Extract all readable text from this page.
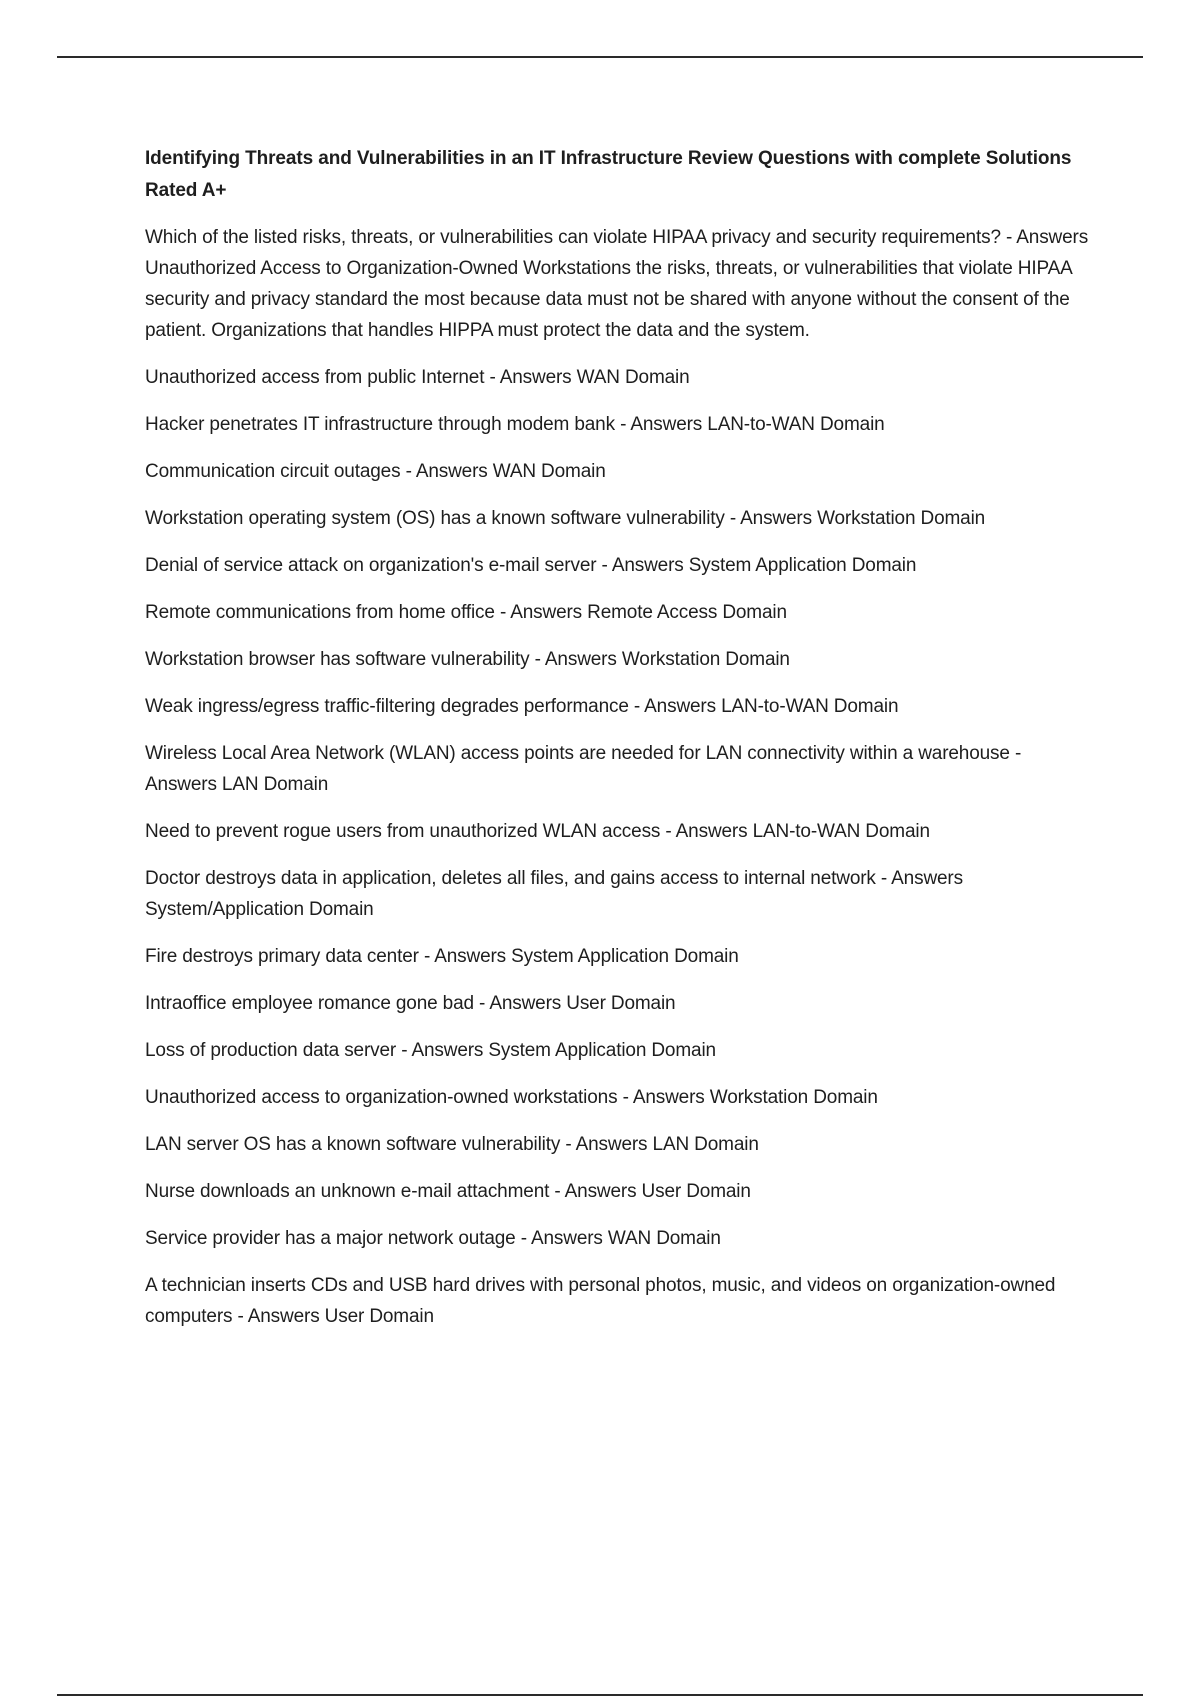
Identifying Threats and Vulnerabilities in an IT Infrastructure Review Questions with complete Solutions Rated A+

Which of the listed risks, threats, or vulnerabilities can violate HIPAA privacy and security requirements? - Answers Unauthorized Access to Organization-Owned Workstations the risks, threats, or vulnerabilities that violate HIPAA security and privacy standard the most because data must not be shared with anyone without the consent of the patient. Organizations that handles HIPPA must protect the data and the system.

Unauthorized access from public Internet - Answers WAN Domain

Hacker penetrates IT infrastructure through modem bank - Answers LAN-to-WAN Domain

Communication circuit outages - Answers WAN Domain

Workstation operating system (OS) has a known software vulnerability - Answers Workstation Domain

Denial of service attack on organization's e-mail server - Answers System Application Domain

Remote communications from home office - Answers Remote Access Domain

Workstation browser has software vulnerability - Answers Workstation Domain

Weak ingress/egress traffic-filtering degrades performance - Answers LAN-to-WAN Domain

Wireless Local Area Network (WLAN) access points are needed for LAN connectivity within a warehouse - Answers LAN Domain

Need to prevent rogue users from unauthorized WLAN access - Answers LAN-to-WAN Domain

Doctor destroys data in application, deletes all files, and gains access to internal network - Answers System/Application Domain

Fire destroys primary data center - Answers System Application Domain

Intraoffice employee romance gone bad - Answers User Domain

Loss of production data server - Answers System Application Domain

Unauthorized access to organization-owned workstations - Answers Workstation Domain

LAN server OS has a known software vulnerability - Answers LAN Domain

Nurse downloads an unknown e-mail attachment - Answers User Domain

Service provider has a major network outage - Answers WAN Domain

A technician inserts CDs and USB hard drives with personal photos, music, and videos on organization-owned computers - Answers User Domain
